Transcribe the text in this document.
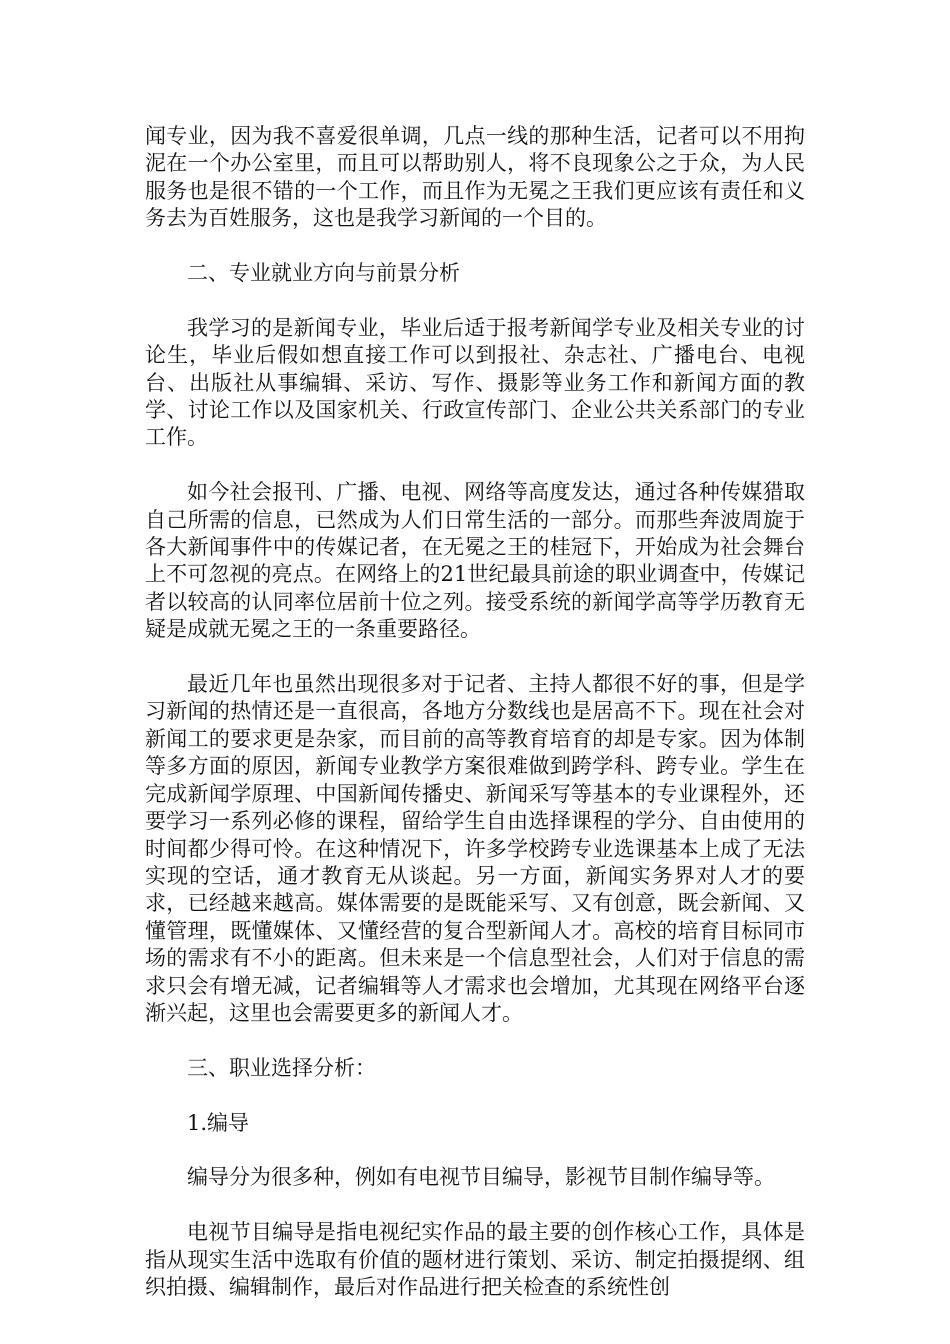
闻专业，因为我不喜爱很单调，几点一线的那种生活，记者可以不用拘泥在一个办公室里，而且可以帮助别人，将不良现象公之于众，为人民服务也是很不错的一个工作，而且作为无冕之王我们更应该有责任和义务去为百姓服务，这也是我学习新闻的一个目的。

二、专业就业方向与前景分析

我学习的是新闻专业，毕业后适于报考新闻学专业及相关专业的讨论生，毕业后假如想直接工作可以到报社、杂志社、广播电台、电视台、出版社从事编辑、采访、写作、摄影等业务工作和新闻方面的教学、讨论工作以及国家机关、行政宣传部门、企业公共关系部门的专业工作。

如今社会报刊、广播、电视、网络等高度发达，通过各种传媒猎取自己所需的信息，已然成为人们日常生活的一部分。而那些奔波周旋于各大新闻事件中的传媒记者，在无冕之王的桂冠下，开始成为社会舞台上不可忽视的亮点。在网络上的21世纪最具前途的职业调查中，传媒记者以较高的认同率位居前十位之列。接受系统的新闻学高等学历教育无疑是成就无冕之王的一条重要路径。

最近几年也虽然出现很多对于记者、主持人都很不好的事，但是学习新闻的热情还是一直很高，各地方分数线也是居高不下。现在社会对新闻工的要求更是杂家，而目前的高等教育培育的却是专家。因为体制等多方面的原因，新闻专业教学方案很难做到跨学科、跨专业。学生在完成新闻学原理、中国新闻传播史、新闻采写等基本的专业课程外，还要学习一系列必修的课程，留给学生自由选择课程的学分、自由使用的时间都少得可怜。在这种情况下，许多学校跨专业选课基本上成了无法实现的空话，通才教育无从谈起。另一方面，新闻实务界对人才的要求，已经越来越高。媒体需要的是既能采写、又有创意，既会新闻、又懂管理，既懂媒体、又懂经营的复合型新闻人才。高校的培育目标同市场的需求有不小的距离。但未来是一个信息型社会，人们对于信息的需求只会有增无减，记者编辑等人才需求也会增加，尤其现在网络平台逐渐兴起，这里也会需要更多的新闻人才。

三、职业选择分析：

1.编导

编导分为很多种，例如有电视节目编导，影视节目制作编导等。

电视节目编导是指电视纪实作品的最主要的创作核心工作，具体是指从现实生活中选取有价值的题材进行策划、采访、制定拍摄提纲、组织拍摄、编辑制作，最后对作品进行把关检查的系统性创
